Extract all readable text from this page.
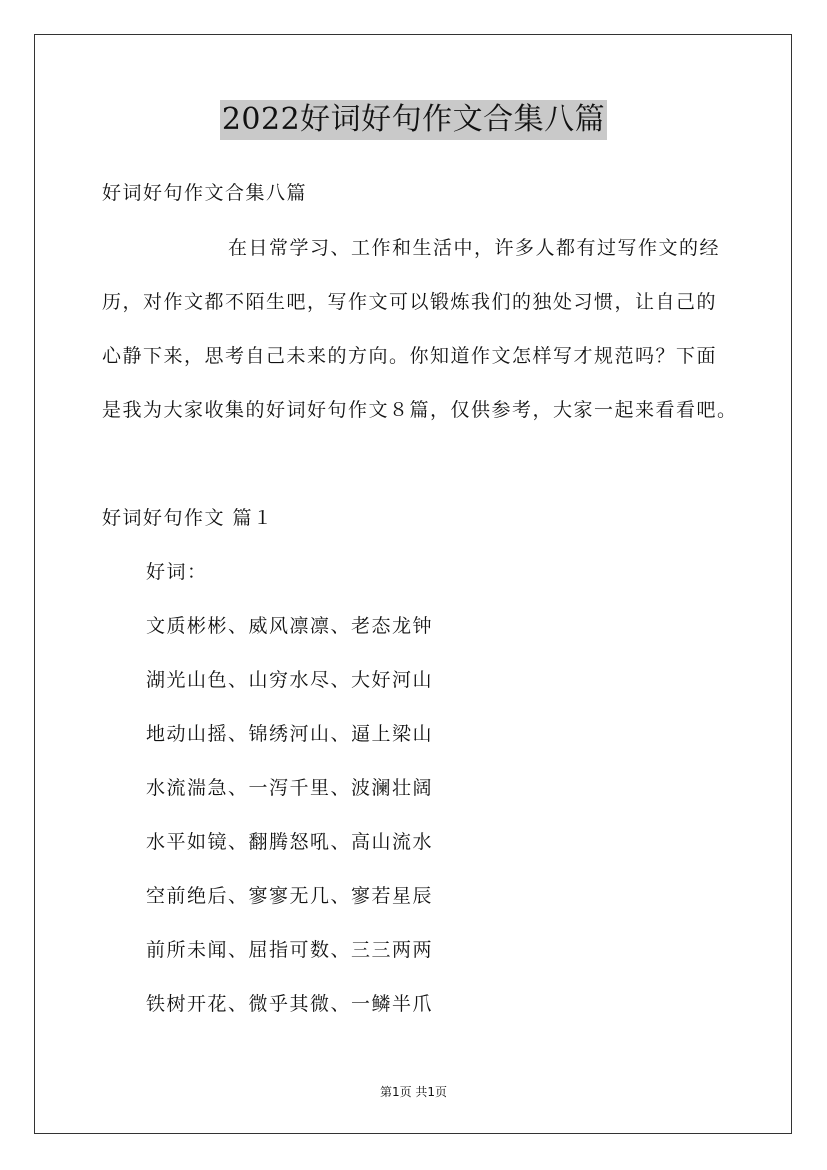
2022好词好句作文合集八篇
好词好句作文合集八篇
在日常学习、工作和生活中，许多人都有过写作文的经
历，对作文都不陌生吧，写作文可以锻炼我们的独处习惯，让自己的
心静下来，思考自己未来的方向。你知道作文怎样写才规范吗？下面
是我为大家收集的好词好句作文８篇，仅供参考，大家一起来看看吧。
好词好句作文 篇１
好词：
文质彬彬、威风凛凛、老态龙钟
湖光山色、山穷水尽、大好河山
地动山摇、锦绣河山、逼上梁山
水流湍急、一泻千里、波澜壮阔
水平如镜、翻腾怒吼、高山流水
空前绝后、寥寥无几、寥若星辰
前所未闻、屈指可数、三三两两
铁树开花、微乎其微、一鳞半爪
第1页 共1页
